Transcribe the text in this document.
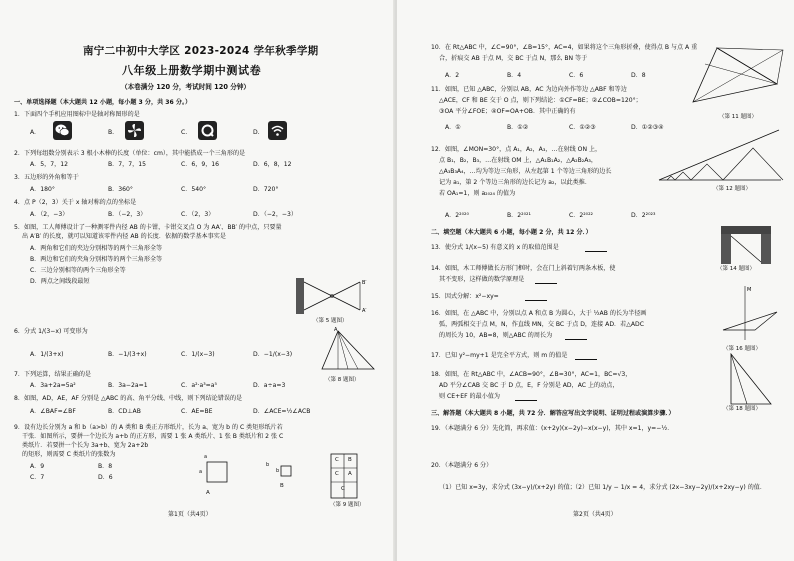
南宁二中初中大学区 2023-2024 学年秋季学期
八年级上册数学期中测试卷
（本卷满分 120 分，考试时间 120 分钟）
一、单项选择题（本大题共 12 小题，每小题 3 分，共 36 分。）
1．下面四个手机应用图标中是轴对称图形的是
A.	B.	C.	D.
2．下列每组数分别表示 3 根小木棒的长度（单位：cm），其中能搭成一个三角形的是
A．5，7，12	B．7，7，15	C．6，9，16	D．6，8，12
3．五边形的外角和等于
A．180°	B．360°	C．540°	D．720°
4．点 P（2，3）关于 x 轴对称的点的坐标是
A．（2，−3）	B．（−2，3）	C．（2，3）	D．（−2，−3）
5．如图，工人师傅设计了一种测零件内径 AB 的卡钳，卡钳交叉点 O 为 AA′、BB′ 的中点，只要量
出 A′B′ 的长度，就可以知道该零件内径 AB 的长度．依据的数学基本事实是
A．两角和它们的夹边分别相等的两个三角形全等
B．两边和它们的夹角分别相等的两个三角形全等
C．三边分别相等的两个三角形全等
D．两点之间线段最短
O
B′
A′
（第 5 题图）
6．分式 1/(3−x) 可变形为
A．1/(3+x)	B．−1/(3+x)	C．1/(x−3)	D．−1/(x−3)
A
7．下列运算，结果正确的是
A．3a+2a=5a²	B．3a−2a=1	C．a²·a³=a⁵	D．a÷a=3
（第 8 题图）
8．如图，AD，AE，AF 分别是 △ABC 的高、角平分线、中线，则下列结论错误的是
A．∠BAF=∠BF	B．CD⊥AB	C．AE=BE	D．∠ACE=½∠ACB
9．设有边长分别为 a 和 b（a>b）的 A 类和 B 类正方形纸片，长为 a、宽为 b 的 C 类矩形纸片若
干张．如图所示，要拼一个边长为 a+b 的正方形，需要 1 张 A 类纸片、1 张 B 类纸片和 2 张 C
类纸片．若要拼一个长为 3a+b、宽为 2a+2b
的矩形，则需要 C 类纸片的张数为
A．9	B．8
C．7	D．6
a
a
b
b
A
B
C B
C A
C
（第 9 题图）
第1页（共4页）
10．在 Rt△ABC 中，∠C=90°，∠B=15°，AC=4，如果将这个三角形折叠，使得点 B 与点 A 重
合，折痕交 AB 于点 M，交 BC 于点 N，那么 BN 等于
A．2	B．4	C．6	D．8
11．如图，已知 △ABC，分别以 AB，AC 为边向外作等边 △ABF 和等边
△ACE，CF 和 BE 交于 O 点，则下列结论：①CF=BE；②∠COB=120°；
③OA 平分∠FOE；④OF=OA+OB．其中正确的有
A．①	B．①②	C．①②③	D．①②③④
（第 11 题图）
12．如图，∠MON=30°，点 A₁，A₂，A₃，…在射线 ON 上，
点 B₁，B₂，B₃，…在射线 OM 上，△A₁B₁A₂，△A₂B₂A₃，
△A₃B₃A₄，…均为等边三角形，从左起第 1 个等边三角形的边长
记为 a₁，第 2 个等边三角形的边长记为 a₂，以此类推．
若 OA₁=1，则 a₂₀₂₄ 的值为
（第 12 题图）
A．2²⁰²⁰	B．2²⁰²¹	C．2²⁰²²	D．2²⁰²³
二、填空题（本大题共 6 小题，每小题 2 分，共 12 分．）
13．使分式 1/(x−5) 有意义的 x 的取值范围是
14．如图，木工师傅做长方形门框时，会在门上斜着钉两条木板，使
其不变形，这样做的数学原理是
（第 14 题图）
15．因式分解：x²−xy=
M
16．如图，在 △ABC 中，分别以点 A 和点 B 为圆心，大于 ½AB 的长为半径画
弧，两弧相交于点 M，N，作直线 MN，交 BC 于点 D，连接 AD．若△ADC
的周长为 10，AB=8，则△ABC 的周长为
（第 16 题图）
17．已知 y²−my+1 是完全平方式，则 m 的值是
18．如图，在 Rt△ABC 中，∠ACB=90°，∠B=30°，AC=1，BC=√3，
AD 平分∠CAB 交 BC 于 D 点，E，F 分别是 AD，AC 上的动点，
则 CE+EF 的最小值为
（第 18 题图）
三、解答题（本大题共 8 小题，共 72 分．解答应写出文字说明、证明过程或演算步骤．）
19．（本题满分 6 分）先化简，再求值：(x+2y)(x−2y)−x(x−y)，其中 x=1，y=−½．
20．（本题满分 6 分）
（1）已知 x=3y，求分式 (3x−y)/(x+2y) 的值；
（2）已知 1/y − 1/x = 4，求分式 (2x−3xy−2y)/(x+2xy−y) 的值．
第2页（共4页）
